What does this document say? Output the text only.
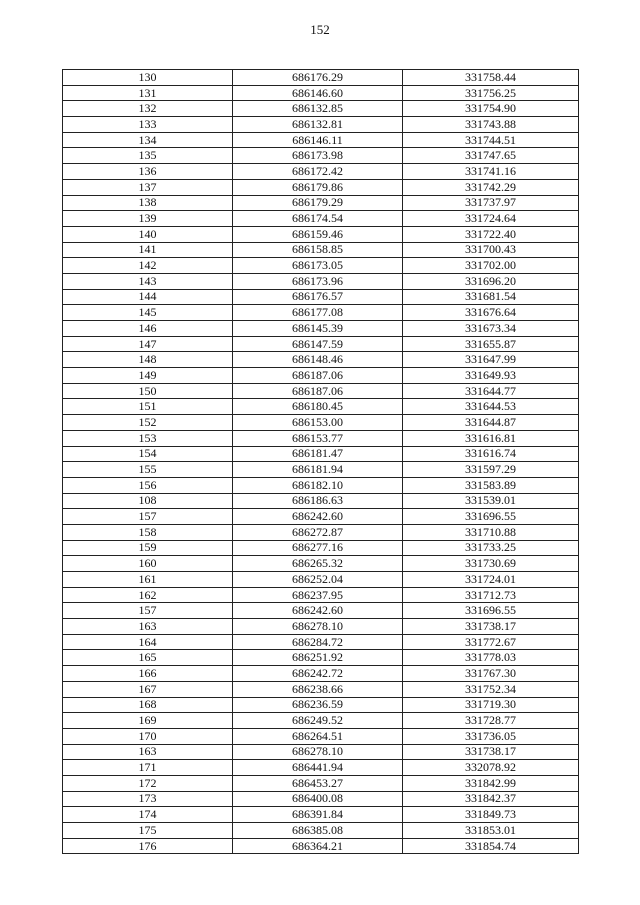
152
130	686176.29	331758.44
131	686146.60	331756.25
132	686132.85	331754.90
133	686132.81	331743.88
134	686146.11	331744.51
135	686173.98	331747.65
136	686172.42	331741.16
137	686179.86	331742.29
138	686179.29	331737.97
139	686174.54	331724.64
140	686159.46	331722.40
141	686158.85	331700.43
142	686173.05	331702.00
143	686173.96	331696.20
144	686176.57	331681.54
145	686177.08	331676.64
146	686145.39	331673.34
147	686147.59	331655.87
148	686148.46	331647.99
149	686187.06	331649.93
150	686187.06	331644.77
151	686180.45	331644.53
152	686153.00	331644.87
153	686153.77	331616.81
154	686181.47	331616.74
155	686181.94	331597.29
156	686182.10	331583.89
108	686186.63	331539.01
157	686242.60	331696.55
158	686272.87	331710.88
159	686277.16	331733.25
160	686265.32	331730.69
161	686252.04	331724.01
162	686237.95	331712.73
157	686242.60	331696.55
163	686278.10	331738.17
164	686284.72	331772.67
165	686251.92	331778.03
166	686242.72	331767.30
167	686238.66	331752.34
168	686236.59	331719.30
169	686249.52	331728.77
170	686264.51	331736.05
163	686278.10	331738.17
171	686441.94	332078.92
172	686453.27	331842.99
173	686400.08	331842.37
174	686391.84	331849.73
175	686385.08	331853.01
176	686364.21	331854.74
